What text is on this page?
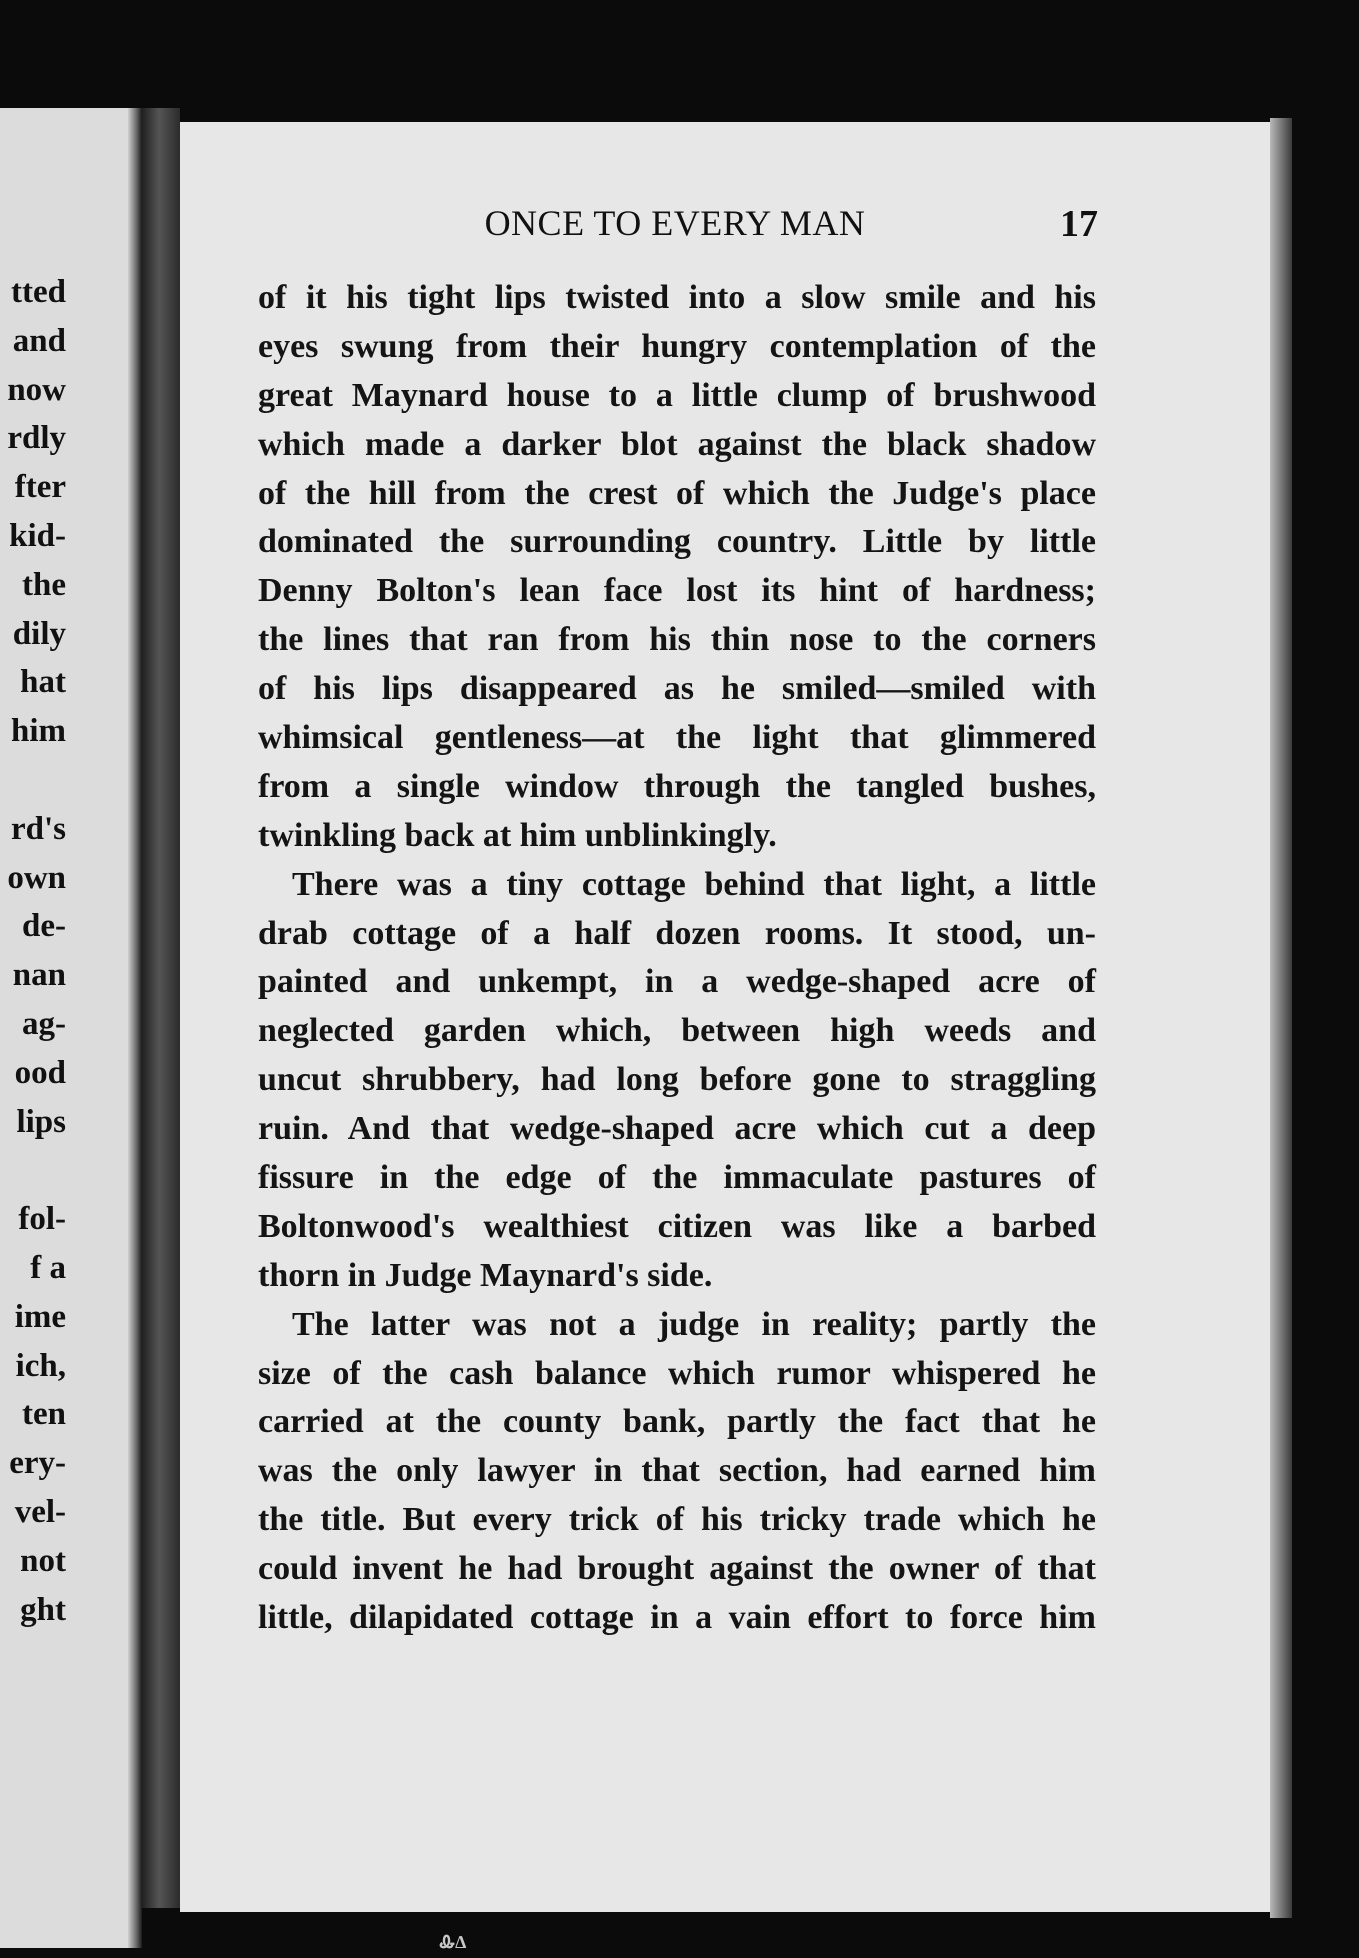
tted
and
now
rdly
fter
kid-
the
dily
hat
him
rd's
own
de-
nan
ag-
ood
lips
fol-
f a
ime
ich,
ten
ery-
vel-
not
ght
ONCE TO EVERY MAN	17
of it his tight lips twisted into a slow smile and his
eyes swung from their hungry contemplation of the
great Maynard house to a little clump of brushwood
which made a darker blot against the black shadow
of the hill from the crest of which the Judge's place
dominated the surrounding country. Little by little
Denny Bolton's lean face lost its hint of hardness;
the lines that ran from his thin nose to the corners
of his lips disappeared as he smiled—smiled with
whimsical gentleness—at the light that glimmered
from a single window through the tangled bushes,
twinkling back at him unblinkingly.
There was a tiny cottage behind that light, a little
drab cottage of a half dozen rooms. It stood, un-
painted and unkempt, in a wedge-shaped acre of
neglected garden which, between high weeds and
uncut shrubbery, had long before gone to straggling
ruin. And that wedge-shaped acre which cut a deep
fissure in the edge of the immaculate pastures of
Boltonwood's wealthiest citizen was like a barbed
thorn in Judge Maynard's side.
The latter was not a judge in reality; partly the
size of the cash balance which rumor whispered he
carried at the county bank, partly the fact that he
was the only lawyer in that section, had earned him
the title. But every trick of his tricky trade which he
could invent he had brought against the owner of that
little, dilapidated cottage in a vain effort to force him
Ꮂ∆
